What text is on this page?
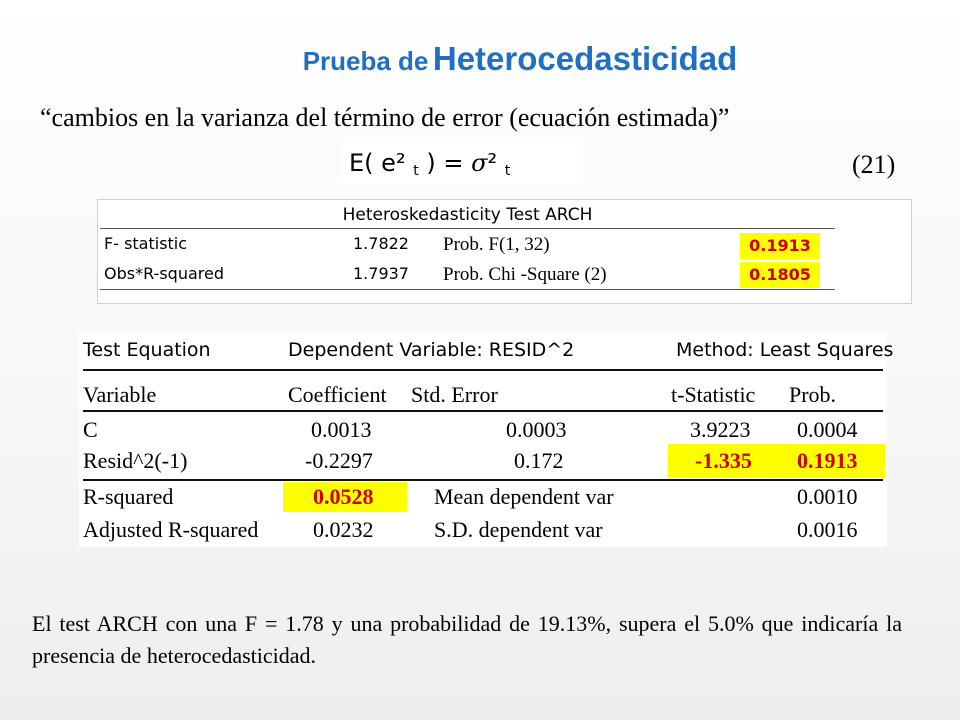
Prueba de Heterocedasticidad
“cambios en la varianza del término de error (ecuación estimada)”
E( e² t ) = σ² t	(21)
Heteroskedasticity Test ARCH
F- statistic	1.7822 Prob. F(1, 32)	0.1913
Obs*R-squared	1.7937 Prob. Chi -Square (2)	0.1805
Test Equation	Dependent Variable: RESID^2	Method: Least Squares
Variable	Coefficient Std. Error	t-Statistic Prob.
C	0.0013	0.0003	3.9223 0.0004
Resid^2(-1)	-0.2297	0.172	-1.335 0.1913
R-squared	0.0528	Mean dependent var	0.0010
Adjusted R-squared 0.0232	S.D. dependent var	0.0016
El test ARCH con una F = 1.78 y una probabilidad de 19.13%, supera el 5.0% que indicaría la presencia de heterocedasticidad.
